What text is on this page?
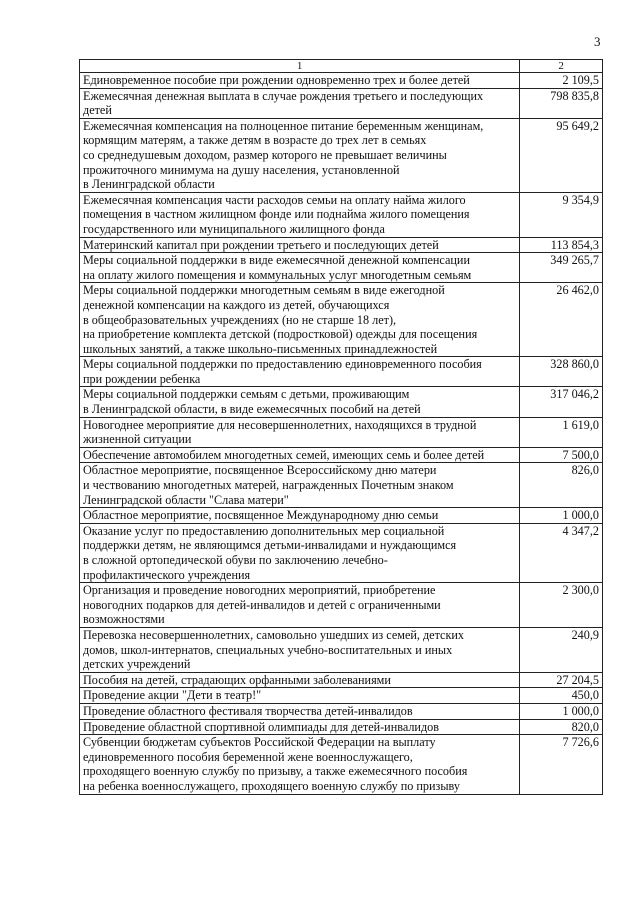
3
1	2
Единовременное пособие при рождении одновременно трех и более детей	2 109,5
Ежемесячная денежная выплата в случае рождения третьего и последующих
детей	798 835,8
Ежемесячная компенсация на полноценное питание беременным женщинам,
кормящим матерям, а также детям в возрасте до трех лет в семьях
со среднедушевым доходом, размер которого не превышает величины
прожиточного минимума на душу населения, установленной
в Ленинградской области	95 649,2
Ежемесячная компенсация части расходов семьи на оплату найма жилого
помещения в частном жилищном фонде или поднайма жилого помещения
государственного или муниципального жилищного фонда	9 354,9
Материнский капитал при рождении третьего и последующих детей	113 854,3
Меры социальной поддержки в виде ежемесячной денежной компенсации
на оплату жилого помещения и коммунальных услуг многодетным семьям	349 265,7
Меры социальной поддержки многодетным семьям в виде ежегодной
денежной компенсации на каждого из детей, обучающихся
в общеобразовательных учреждениях (но не старше 18 лет),
на приобретение комплекта детской (подростковой) одежды для посещения
школьных занятий, а также школьно-письменных принадлежностей	26 462,0
Меры социальной поддержки по предоставлению единовременного пособия
при рождении ребенка	328 860,0
Меры социальной поддержки семьям с детьми, проживающим
в Ленинградской области, в виде ежемесячных пособий на детей	317 046,2
Новогоднее мероприятие для несовершеннолетних, находящихся в трудной
жизненной ситуации	1 619,0
Обеспечение автомобилем многодетных семей, имеющих семь и более детей	7 500,0
Областное мероприятие, посвященное Всероссийскому дню матери
и чествованию многодетных матерей, награжденных Почетным знаком
Ленинградской области "Слава матери"	826,0
Областное мероприятие, посвященное Международному дню семьи	1 000,0
Оказание услуг по предоставлению дополнительных мер социальной
поддержки детям, не являющимся детьми-инвалидами и нуждающимся
в сложной ортопедической обуви по заключению лечебно-
профилактического учреждения	4 347,2
Организация и проведение новогодних мероприятий, приобретение
новогодних подарков для детей-инвалидов и детей с ограниченными
возможностями	2 300,0
Перевозка несовершеннолетних, самовольно ушедших из семей, детских
домов, школ-интернатов, специальных учебно-воспитательных и иных
детских учреждений	240,9
Пособия на детей, страдающих орфанными заболеваниями	27 204,5
Проведение акции "Дети в театр!"	450,0
Проведение областного фестиваля творчества детей-инвалидов	1 000,0
Проведение областной спортивной олимпиады для детей-инвалидов	820,0
Субвенции бюджетам субъектов Российской Федерации на выплату
единовременного пособия беременной жене военнослужащего,
проходящего военную службу по призыву, а также ежемесячного пособия
на ребенка военнослужащего, проходящего военную службу по призыву	7 726,6
